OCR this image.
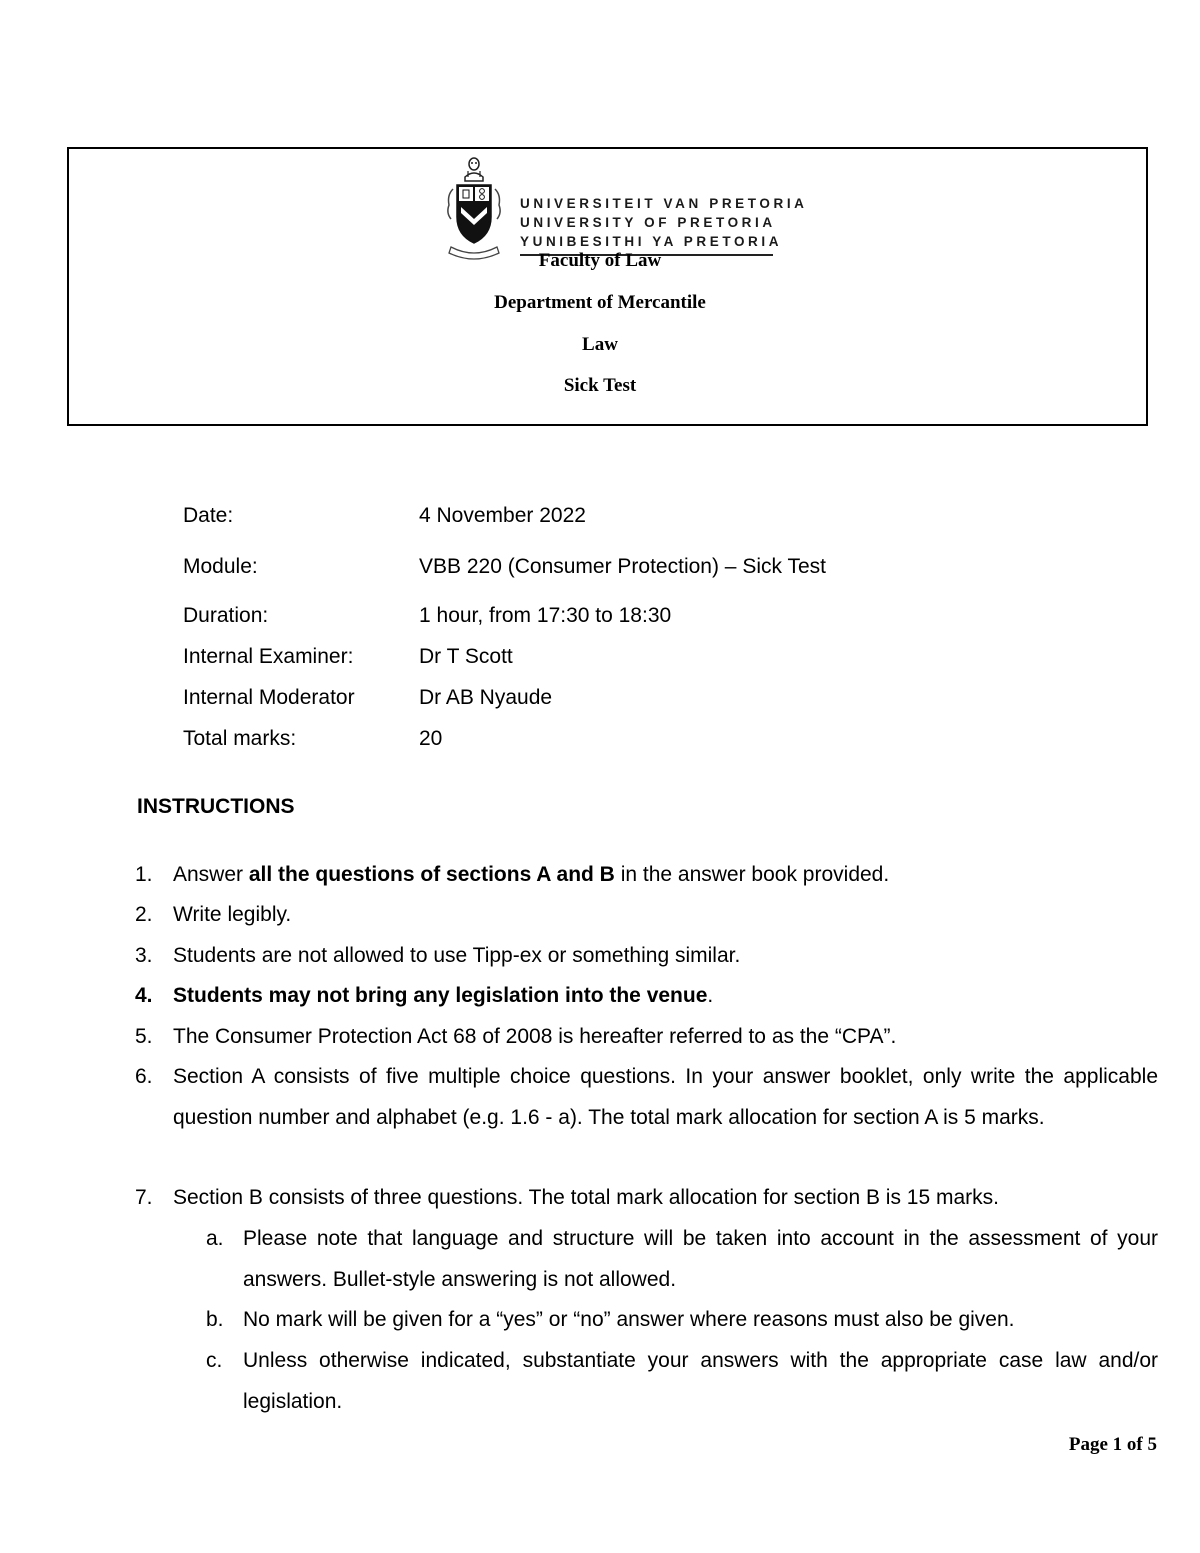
UNIVERSITEIT VAN PRETORIA
UNIVERSITY OF PRETORIA
YUNIBESITHI YA PRETORIA
Faculty of Law
Department of Mercantile
Law
Sick Test
Date:	4 November 2022
Module:	VBB 220 (Consumer Protection) – Sick Test
Duration:	1 hour, from 17:30 to 18:30
Internal Examiner:	Dr T Scott
Internal Moderator	Dr AB Nyaude
Total marks:	20
INSTRUCTIONS
1. Answer all the questions of sections A and B in the answer book provided.
2. Write legibly.
3. Students are not allowed to use Tipp-ex or something similar.
4. Students may not bring any legislation into the venue.
5. The Consumer Protection Act 68 of 2008 is hereafter referred to as the “CPA”.
6. Section A consists of five multiple choice questions. In your answer booklet, only write the applicable question number and alphabet (e.g. 1.6 - a). The total mark allocation for section A is 5 marks.
7. Section B consists of three questions. The total mark allocation for section B is 15 marks.
a. Please note that language and structure will be taken into account in the assessment of your answers. Bullet-style answering is not allowed.
b. No mark will be given for a “yes” or “no” answer where reasons must also be given.
c. Unless otherwise indicated, substantiate your answers with the appropriate case law and/or legislation.
Page 1 of 5
